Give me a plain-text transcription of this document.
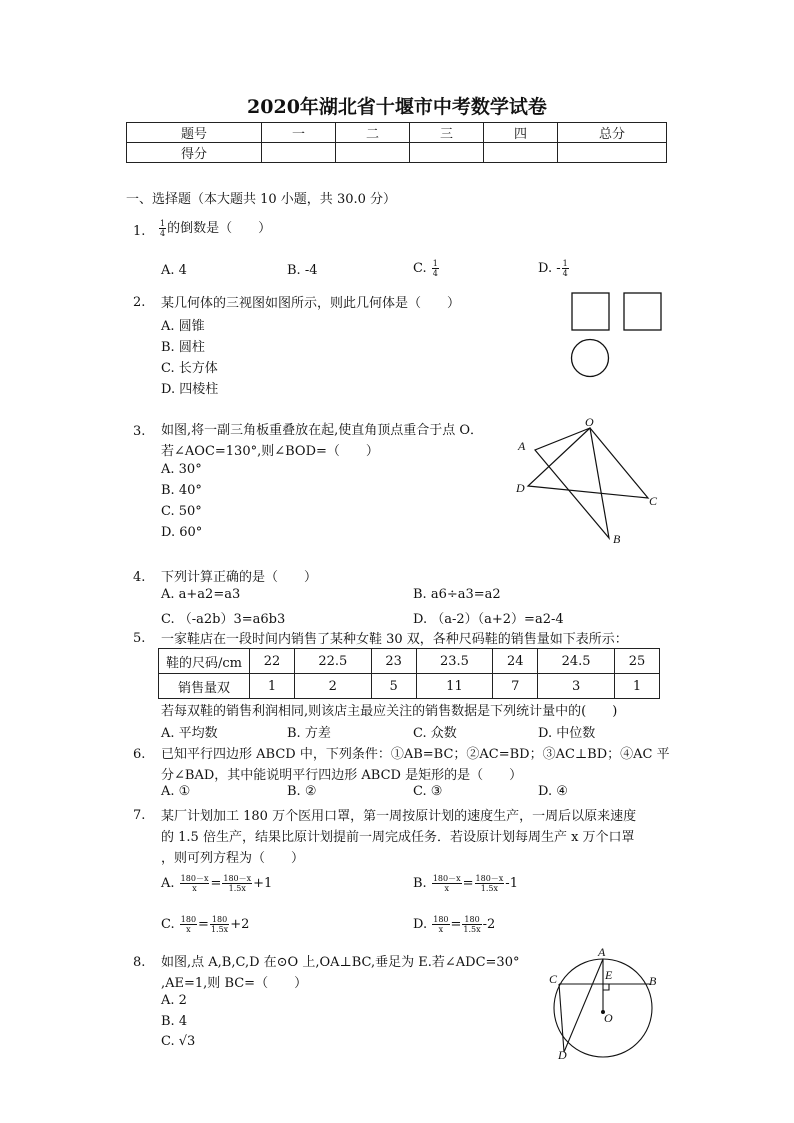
2020年湖北省十堰市中考数学试卷
题号	一	二	三	四	总分
得分					
一、选择题（本大题共 10 小题，共 30.0 分）
1. $\frac{1}{4}$ 的倒数是（　　）
A. 4	B. -4	C. $\frac{1}{4}$	D. - $\frac{1}{4}$
2. 某几何体的三视图如图所示，则此几何体是（　　）
A. 圆锥
B. 圆柱
C. 长方体
D. 四棱柱
3. 如图,将一副三角板重叠放在起,使直角顶点重合于点 O．
若∠AOC=130°,则∠BOD=（　　）
A. 30°
B. 40°
C. 50°
D. 60°
O
A
D
C
B
4. 下列计算正确的是（　　）
A. a+a2=a3	B. a6÷a3=a2
C. （-a2b）3=a6b3	D. （a-2）（a+2）=a2-4
5. 一家鞋店在一段时间内销售了某种女鞋 30 双，各种尺码鞋的销售量如下表所示：
鞋的尺码/cm	22	22.5	23	23.5	24	24.5	25
销售量双	1	2	5	11	7	3	1
若每双鞋的销售利润相同,则该店主最应关注的销售数据是下列统计量中的(　　)
A. 平均数	B. 方差	C. 众数	D. 中位数
6. 已知平行四边形 ABCD 中，下列条件：①AB=BC；②AC=BD；③AC⊥BD；④AC 平
分∠BAD，其中能说明平行四边形 ABCD 是矩形的是（　　）
A. ①	B. ②	C. ③	D. ④
7. 某厂计划加工 180 万个医用口罩，第一周按原计划的速度生产，一周后以原来速度
的 1.5 倍生产，结果比原计划提前一周完成任务．若设原计划每周生产 x 万个口罩
，则可列方程为（　　）
A. $\frac{180-x}{x} = \frac{180-x}{1.5x} +1$	B. $\frac{180-x}{x} = \frac{180-x}{1.5x} -1$
C. $\frac{180}{x} = \frac{180}{1.5x} +2$	D. $\frac{180}{x} = \frac{180}{1.5x} -2$
8. 如图,点 A,B,C,D 在⊙O 上,OA⊥BC,垂足为 E.若∠ADC=30°
,AE=1,则 BC=（　　）
A. 2
B. 4
C. √3
A
E	B
C
O
D
